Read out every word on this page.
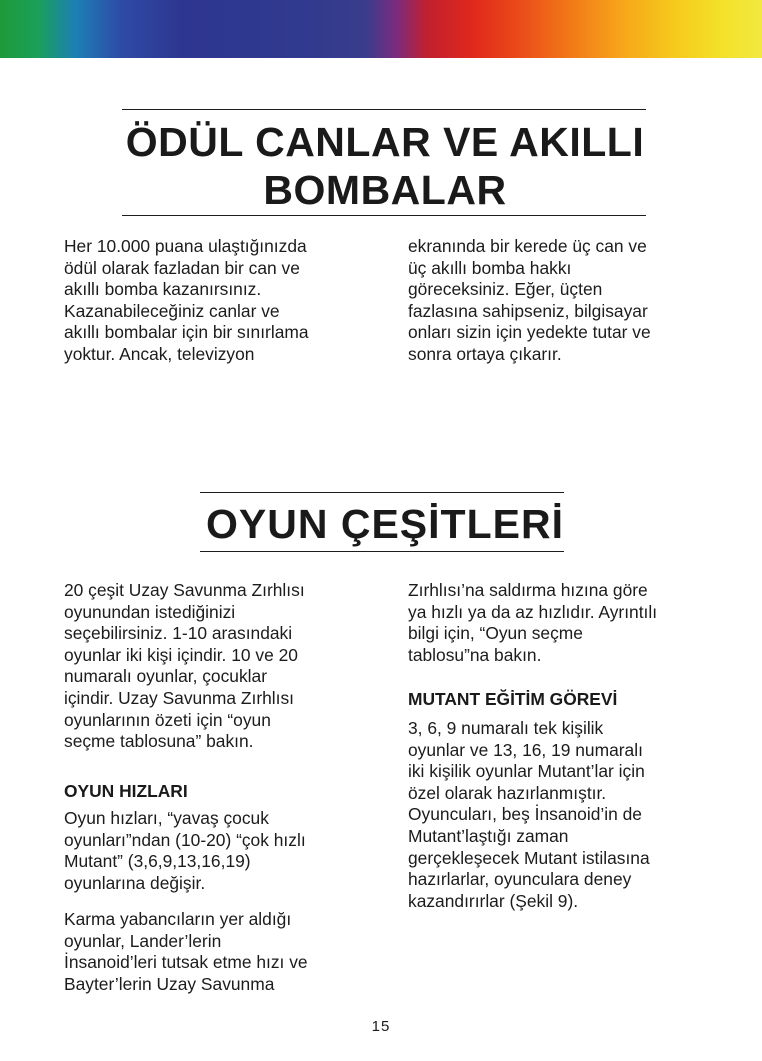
ÖDÜL CANLAR VE AKILLI
BOMBALAR

Her 10.000 puana ulaştığınızda
ödül olarak fazladan bir can ve
akıllı bomba kazanırsınız.
Kazanabileceğiniz canlar ve
akıllı bombalar için bir sınırlama
yoktur. Ancak, televizyon

ekranında bir kerede üç can ve
üç akıllı bomba hakkı
göreceksiniz. Eğer, üçten
fazlasına sahipseniz, bilgisayar
onları sizin için yedekte tutar ve
sonra ortaya çıkarır.

OYUN ÇEŞİTLERİ

20 çeşit Uzay Savunma Zırhlısı
oyunundan istediğinizi
seçebilirsiniz. 1-10 arasındaki
oyunlar iki kişi içindir. 10 ve 20
numaralı oyunlar, çocuklar
içindir. Uzay Savunma Zırhlısı
oyunlarının özeti için “oyun
seçme tablosuna” bakın.

OYUN HIZLARI

Oyun hızları, “yavaş çocuk
oyunları”ndan (10-20) “çok hızlı
Mutant” (3,6,9,13,16,19)
oyunlarına değişir.

Karma yabancıların yer aldığı
oyunlar, Lander’lerin
İnsanoid’leri tutsak etme hızı ve
Bayter’lerin Uzay Savunma

Zırhlısı’na saldırma hızına göre
ya hızlı ya da az hızlıdır. Ayrıntılı
bilgi için, “Oyun seçme
tablosu”na bakın.

MUTANT EĞİTİM GÖREVİ

3, 6, 9 numaralı tek kişilik
oyunlar ve 13, 16, 19 numaralı
iki kişilik oyunlar Mutant’lar için
özel olarak hazırlanmıştır.
Oyuncuları, beş İnsanoid’in de
Mutant’laştığı zaman
gerçekleşecek Mutant istilasına
hazırlarlar, oyunculara deney
kazandırırlar (Şekil 9).

15
